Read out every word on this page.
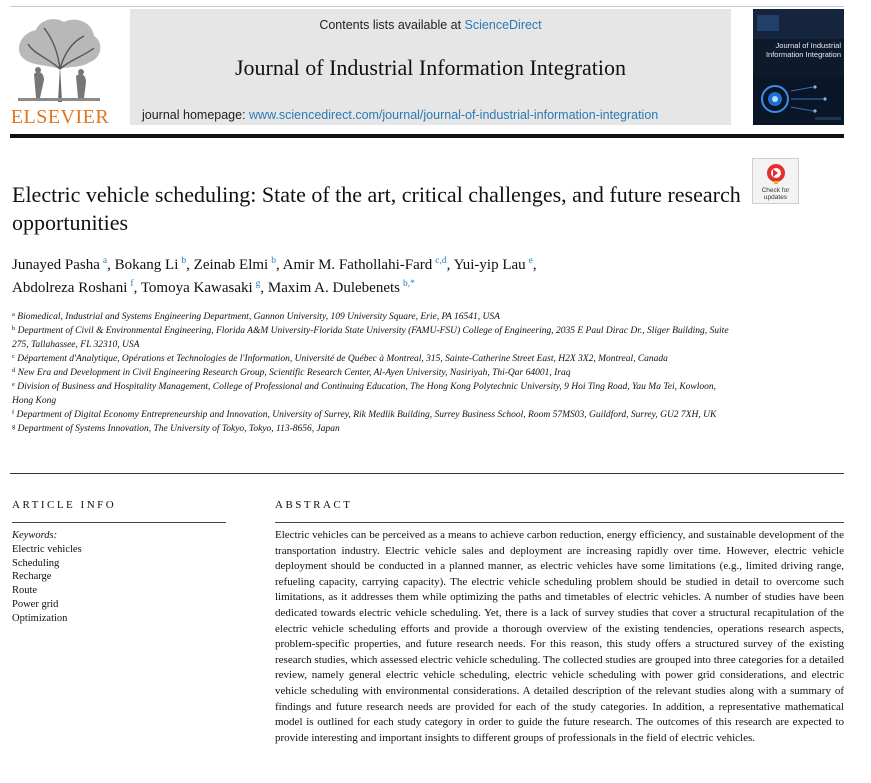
ELSEVIER
Contents lists available at ScienceDirect
Journal of Industrial Information Integration
journal homepage: www.sciencedirect.com/journal/journal-of-industrial-information-integration
Journal of Industrial Information Integration
Electric vehicle scheduling: State of the art, critical challenges, and future research opportunities
Check for updates
Junayed Pasha  $^a$, Bokang Li  $^b$, Zeinab Elmi  $^b$, Amir M. Fathollahi-Fard  $^{c,d}$, Yui-yip Lau  $^e$,
Abdolreza Roshani  $^f$, Tomoya Kawasaki  $^g$, Maxim A. Dulebenets  $^{b,*}$

$^a$ Biomedical, Industrial and Systems Engineering Department, Gannon University, 109 University Square, Erie, PA 16541, USA

$^b$ Department of Civil & Environmental Engineering, Florida A&M University-Florida State University (FAMU-FSU) College of Engineering, 2035 E Paul Dirac Dr., Sliger Building, Suite 275, Tallahassee, FL 32310, USA

$^c$ Département d'Analytique, Opérations et Technologies de l'Information, Université de Québec à Montreal, 315, Sainte-Catherine Street East, H2X 3X2, Montreal, Canada

$^d$ New Era and Development in Civil Engineering Research Group, Scientific Research Center, Al-Ayen University, Nasiriyah, Thi-Qar 64001, Iraq

$^e$ Division of Business and Hospitality Management, College of Professional and Continuing Education, The Hong Kong Polytechnic University, 9 Hoi Ting Road, Yau Ma Tei, Kowloon, Hong Kong

$^f$ Department of Digital Economy Entrepreneurship and Innovation, University of Surrey, Rik Medlik Building, Surrey Business School, Room 57MS03, Guildford, Surrey, GU2 7XH, UK

$^g$ Department of Systems Innovation, The University of Tokyo, Tokyo, 113-8656, Japan

ARTICLE INFO	ABSTRACT
Keywords:
Electric vehicles
Scheduling
Recharge
Route
Power grid
Optimization
Electric vehicles can be perceived as a means to achieve carbon reduction, energy efficiency, and sustainable development of the transportation industry. Electric vehicle sales and deployment are increasing rapidly over time. However, electric vehicle deployment should be conducted in a planned manner, as electric vehicles have some limitations (e.g., limited driving range, refueling capacity, carrying capacity). The electric vehicle scheduling problem should be studied in detail to overcome such limitations, as it addresses them while optimizing the paths and timetables of electric vehicles. A number of studies have been dedicated towards electric vehicle scheduling. Yet, there is a lack of survey studies that cover a structural recapitulation of the electric vehicle scheduling efforts and provide a thorough overview of the existing tendencies, operations research aspects, problem-specific properties, and future research needs. For this reason, this study offers a structured survey of the existing research studies, which assessed electric vehicle scheduling. The collected studies are grouped into three categories for a detailed review, namely general electric vehicle scheduling, electric vehicle scheduling with power grid considerations, and electric vehicle scheduling with environmental considerations. A detailed description of the relevant studies along with a summary of findings and future research needs are provided for each of the study categories. In addition, a representative mathematical model is outlined for each study category in order to guide the future research. The outcomes of this research are expected to provide interesting and important insights to different groups of professionals in the field of electric vehicles.
